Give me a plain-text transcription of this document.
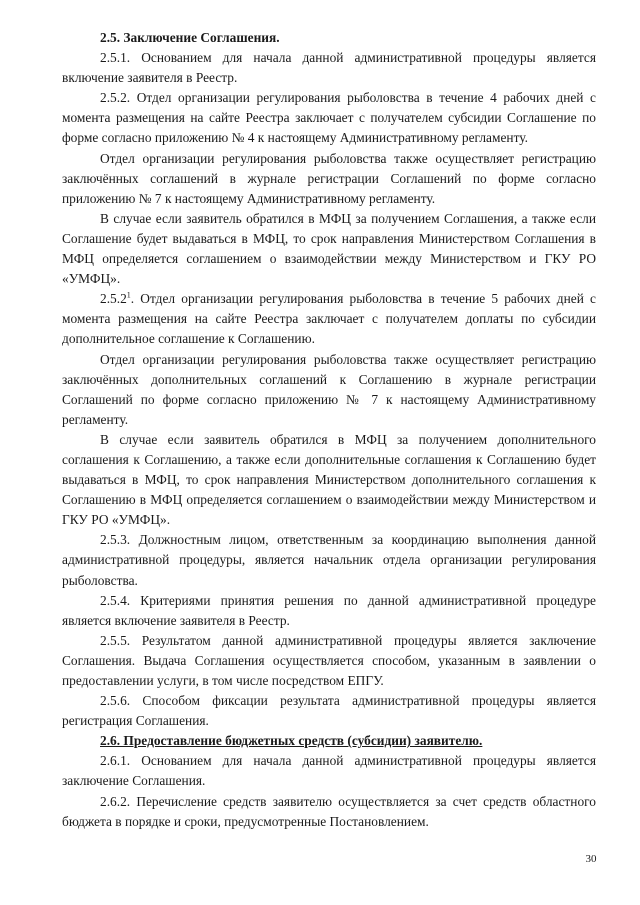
2.5. Заключение Соглашения.

2.5.1. Основанием для начала данной административной процедуры является включение заявителя в Реестр.

2.5.2. Отдел организации регулирования рыболовства в течение 4 рабочих дней с момента размещения на сайте Реестра заключает с получателем субсидии Соглашение по форме согласно приложению № 4 к настоящему Административному регламенту.

Отдел организации регулирования рыболовства также осуществляет регистрацию заключённых соглашений в журнале регистрации Соглашений по форме согласно приложению № 7 к настоящему Административному регламенту.

В случае если заявитель обратился в МФЦ за получением Соглашения, а также если Соглашение будет выдаваться в МФЦ, то срок направления Министерством Соглашения в МФЦ определяется соглашением о взаимодействии между Министерством и ГКУ РО «УМФЦ».

2.5.2$^1$. Отдел организации регулирования рыболовства в течение 5 рабочих дней с момента размещения на сайте Реестра заключает с получателем доплаты по субсидии дополнительное соглашение к Соглашению.

Отдел организации регулирования рыболовства также осуществляет регистрацию заключённых дополнительных соглашений к Соглашению в журнале регистрации Соглашений по форме согласно приложению № 7 к настоящему Административному регламенту.

В случае если заявитель обратился в МФЦ за получением дополнительного соглашения к Соглашению, а также если дополнительные соглашения к Соглашению будет выдаваться в МФЦ, то срок направления Министерством дополнительного соглашения к Соглашению в МФЦ определяется соглашением о взаимодействии между Министерством и ГКУ РО «УМФЦ».

2.5.3. Должностным лицом, ответственным за координацию выполнения данной административной процедуры, является начальник отдела организации регулирования рыболовства.

2.5.4. Критериями принятия решения по данной административной процедуре является включение заявителя в Реестр.

2.5.5. Результатом данной административной процедуры является заключение Соглашения. Выдача Соглашения осуществляется способом, указанным в заявлении о предоставлении услуги, в том числе посредством ЕПГУ.

2.5.6. Способом фиксации результата административной процедуры является регистрация Соглашения.

2.6. Предоставление бюджетных средств (субсидии) заявителю.

2.6.1. Основанием для начала данной административной процедуры является заключение Соглашения.

2.6.2. Перечисление средств заявителю осуществляется за счет средств областного бюджета в порядке и сроки, предусмотренные Постановлением.

30
